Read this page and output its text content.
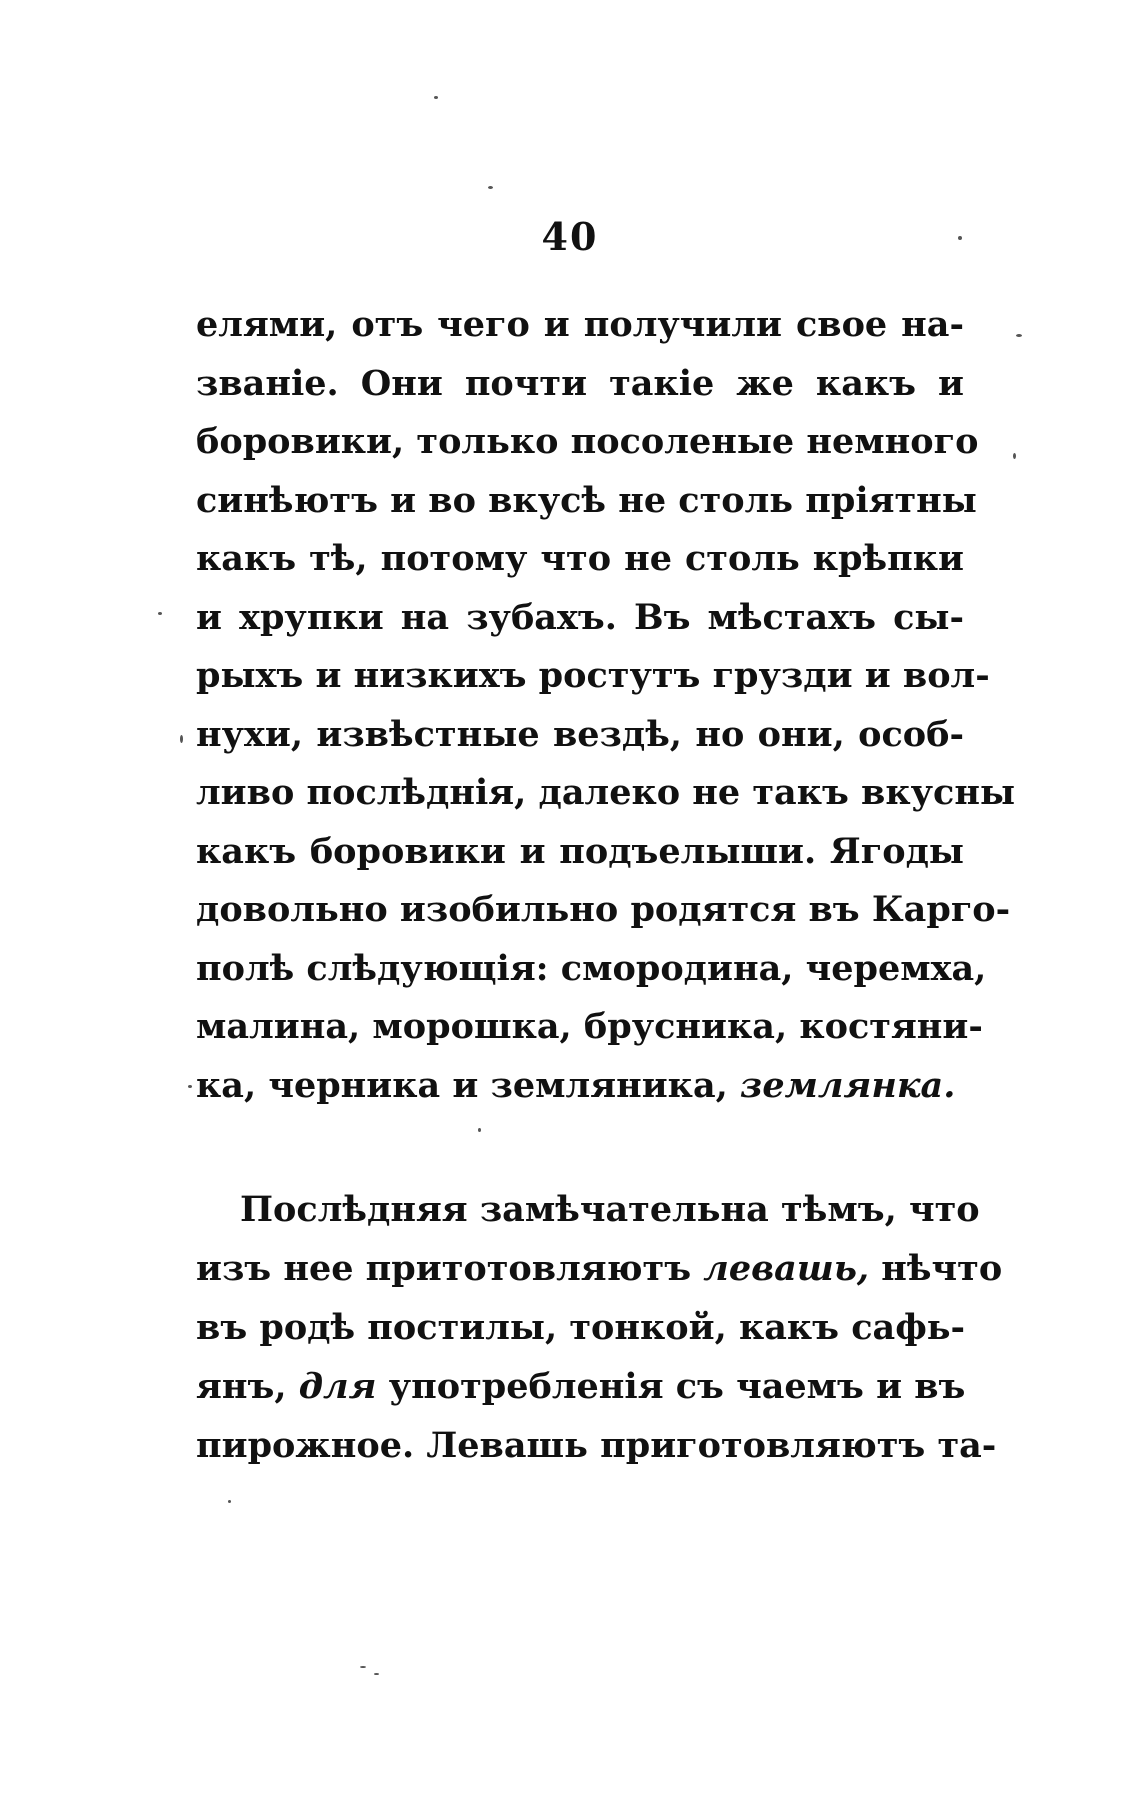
40
елями, отъ чего и получили свое на-
званіе. Они почти такіе же какъ и
боровики, только посоленые немного
синѣютъ и во вкусѣ не столь пріятны
какъ тѣ, потому что не столь крѣпки
и хрупки на зубахъ. Въ мѣстахъ сы-
рыхъ и низкихъ ростутъ грузди и вол-
нухи, извѣстные вездѣ, но они, особ-
ливо послѣднія, далеко не такъ вкусны
какъ боровики и подъелыши. Ягоды
довольно изобильно родятся въ Карго-
полѣ слѣдующія: смородина, черемха,
малина, морошка, брусника, костяни-
ка, черника и земляника, землянка.
Послѣдняя замѣчательна тѣмъ, что
изъ нее притотовляютъ левашь, нѣчто
въ родѣ постилы, тонкой, какъ сафь-
янъ, для употребленія съ чаемъ и въ
пирожное. Левашь приготовляютъ та-
